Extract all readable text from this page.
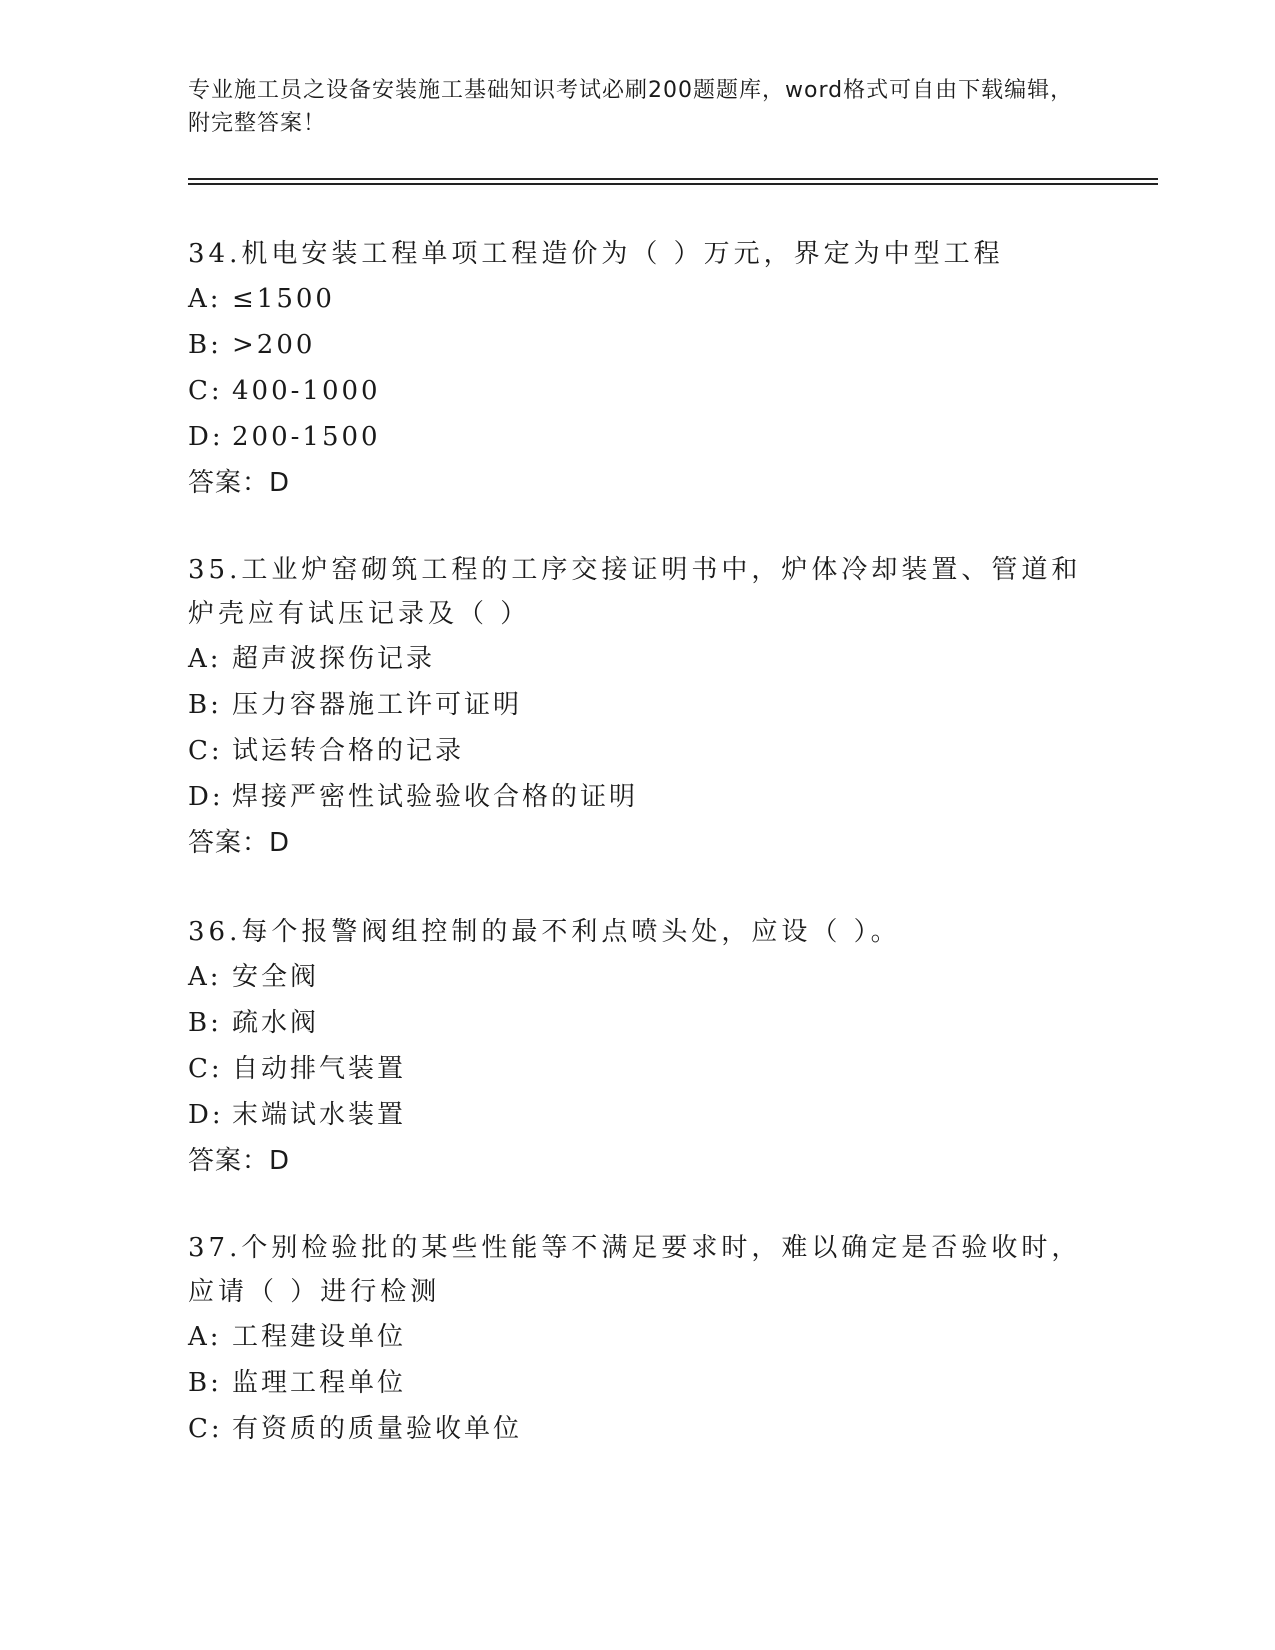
专业施工员之设备安装施工基础知识考试必刷200题题库，word格式可自由下载编辑，附完整答案！
34.机电安装工程单项工程造价为（ ）万元，界定为中型工程
A: ≤1500
B: >200
C: 400-1000
D: 200-1500
答案：D
35.工业炉窑砌筑工程的工序交接证明书中，炉体冷却装置、管道和炉壳应有试压记录及（ ）
A: 超声波探伤记录
B: 压力容器施工许可证明
C: 试运转合格的记录
D: 焊接严密性试验验收合格的证明
答案：D
36.每个报警阀组控制的最不利点喷头处，应设（ ）。
A: 安全阀
B: 疏水阀
C: 自动排气装置
D: 末端试水装置
答案：D
37.个别检验批的某些性能等不满足要求时，难以确定是否验收时，应请（ ）进行检测
A: 工程建设单位
B: 监理工程单位
C: 有资质的质量验收单位
